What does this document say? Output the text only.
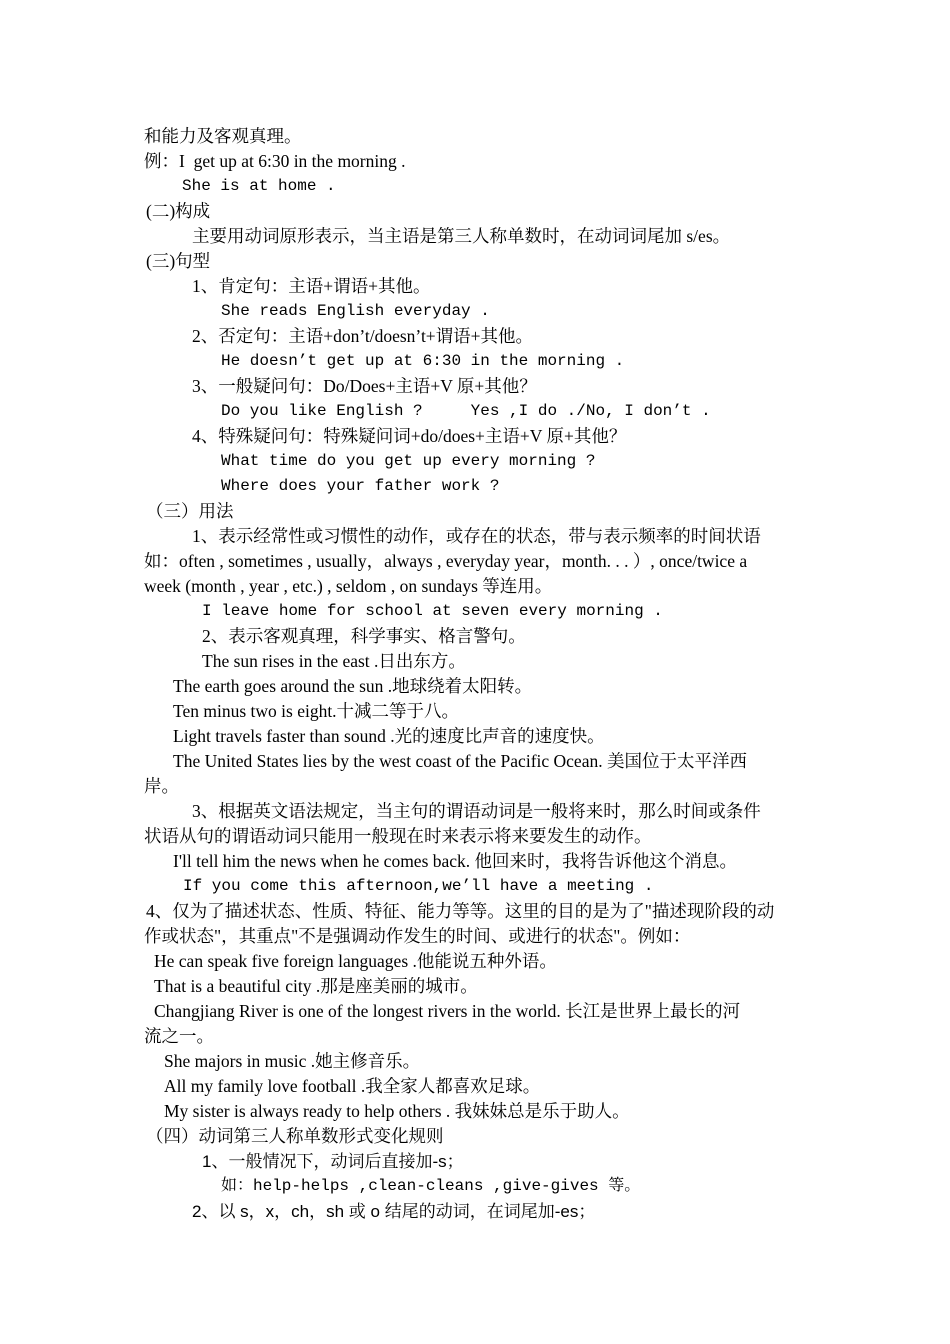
和能力及客观真理。
例：I  get up at 6:30 in the morning .
She is at home .
(二)构成
主要用动词原形表示，当主语是第三人称单数时，在动词词尾加 s/es。
(三)句型
1、肯定句：主语+谓语+其他。
She reads English everyday .
2、否定句：主语+don’t/doesn’t+谓语+其他。
He doesn’t get up at 6:30 in the morning .
3、一般疑问句：Do/Does+主语+V 原+其他？
Do you like English ?     Yes ,I do ./No, I don’t .
4、特殊疑问句：特殊疑问词+do/does+主语+V 原+其他？
What time do you get up every morning ?
Where does your father work ?
（三）用法
1、表示经常性或习惯性的动作，或存在的状态，带与表示频率的时间状语
如：often , sometimes , usually，always , everyday year，month. . . ）, once/twice a
week (month , year , etc.) , seldom , on sundays 等连用。
I leave home for school at seven every morning .
2、表示客观真理，科学事实、格言警句。
The sun rises in the east .日出东方。
The earth goes around the sun .地球绕着太阳转。
Ten minus two is eight.十减二等于八。
Light travels faster than sound .光的速度比声音的速度快。
The United States lies by the west coast of the Pacific Ocean. 美国位于太平洋西
岸。
3、根据英文语法规定，当主句的谓语动词是一般将来时，那么时间或条件
状语从句的谓语动词只能用一般现在时来表示将来要发生的动作。
I'll tell him the news when he comes back. 他回来时，我将告诉他这个消息。
If you come this afternoon,we’ll have a meeting .
4、仅为了描述状态、性质、特征、能力等等。这里的目的是为了"描述现阶段的动
作或状态"，其重点"不是强调动作发生的时间、或进行的状态"。例如：
He can speak five foreign languages .他能说五种外语。
That is a beautiful city .那是座美丽的城市。
Changjiang River is one of the longest rivers in the world. 长江是世界上最长的河
流之一。
She majors in music .她主修音乐。
All my family love football .我全家人都喜欢足球。
My sister is always ready to help others . 我妹妹总是乐于助人。
（四）动词第三人称单数形式变化规则
1、一般情况下，动词后直接加-s；
如：help-helps ,clean-cleans ,give-gives 等。
2、以 s，x，ch，sh 或 o 结尾的动词，在词尾加-es；
